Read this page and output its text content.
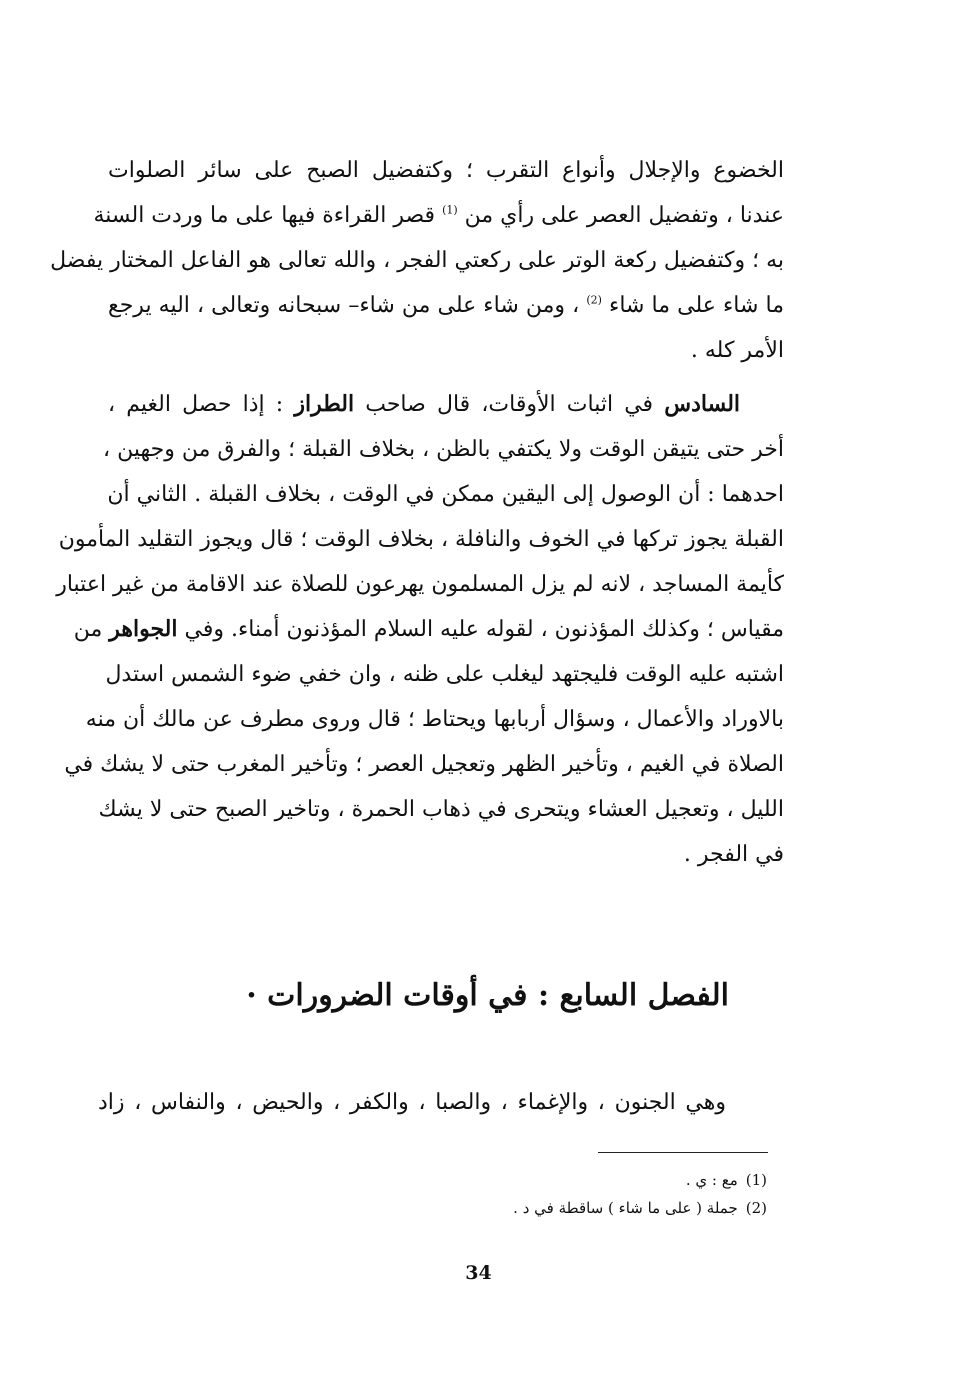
الخضوع والإجلال وأنواع التقرب ؛ وكتفضيل الصبح على سائر الصلوات
عندنا ، وتفضيل العصر على رأي من $^{(1)}$ قصر القراءة فيها على ما وردت السنة
به ؛ وكتفضيل ركعة الوتر على ركعتي الفجر ، والله تعالى هو الفاعل المختار يفضل
ما شاء على ما شاء $^{(2)}$ ، ومن شاء على من شاء– سبحانه وتعالى ، اليه يرجع
الأمر كله .
السادس في اثبات الأوقات، قال صاحب الطراز : إذا حصل الغيم ،
أخر حتى يتيقن الوقت ولا يكتفي بالظن ، بخلاف القبلة ؛ والفرق من وجهين ،
احدهما : أن الوصول إلى اليقين ممكن في الوقت ، بخلاف القبلة . الثاني أن
القبلة يجوز تركها في الخوف والنافلة ، بخلاف الوقت ؛ قال ويجوز التقليد المأمون
كأيمة المساجد ، لانه لم يزل المسلمون يهرعون للصلاة عند الاقامة من غير اعتبار
مقياس ؛ وكذلك المؤذنون ، لقوله عليه السلام المؤذنون أمناء. وفي الجواهر من
اشتبه عليه الوقت فليجتهد ليغلب على ظنه ، وان خفي ضوء الشمس استدل
بالاوراد والأعمال ، وسؤال أربابها ويحتاط ؛ قال وروى مطرف عن مالك أن منه
الصلاة في الغيم ، وتأخير الظهر وتعجيل العصر ؛ وتأخير المغرب حتى لا يشك في
الليل ، وتعجيل العشاء ويتحرى في ذهاب الحمرة ، وتاخير الصبح حتى لا يشك
في الفجر .
الفصل السابع : في أوقات الضرورات ·
وهي الجنون ، والإغماء ، والصبا ، والكفر ، والحيض ، والنفاس ، زاد
(1)مع : ي .
(2)جملة ( على ما شاء ) ساقطة في د .
34
